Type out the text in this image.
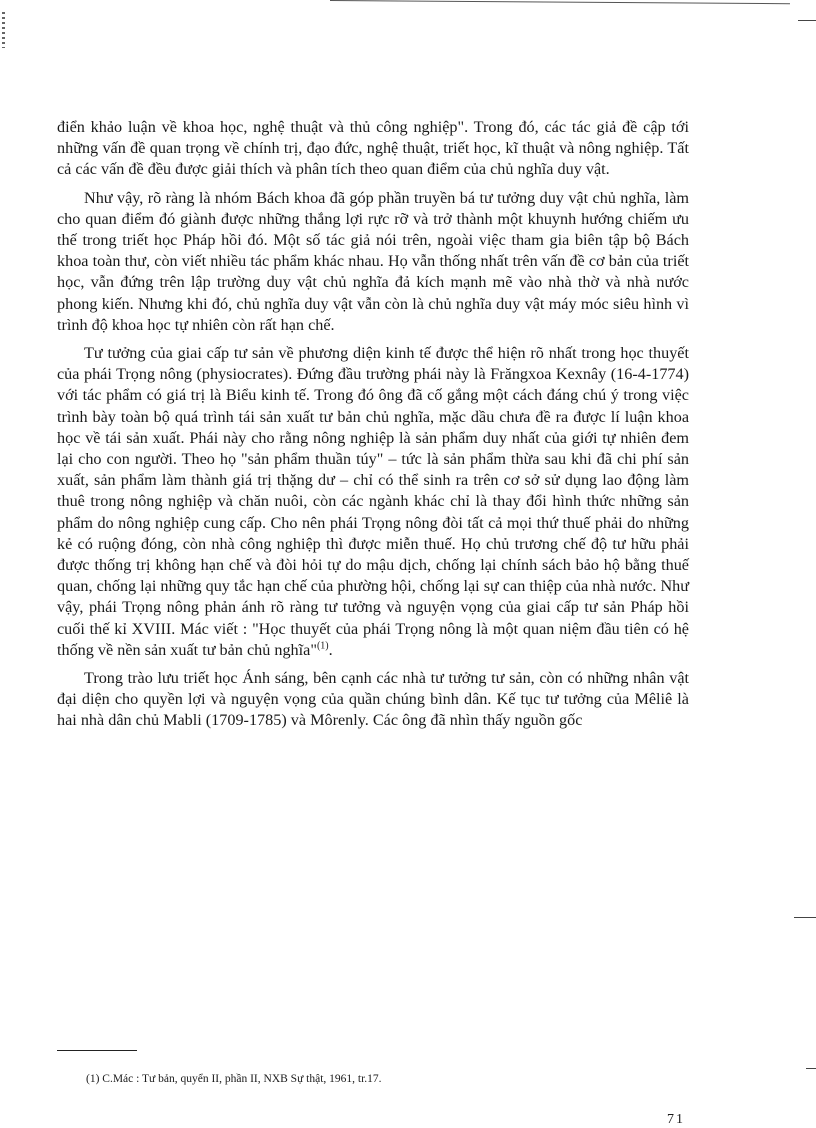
điển khảo luận về khoa học, nghệ thuật và thủ công nghiệp". Trong đó, các tác giả đề cập tới những vấn đề quan trọng về chính trị, đạo đức, nghệ thuật, triết học, kĩ thuật và nông nghiệp. Tất cả các vấn đề đều được giải thích và phân tích theo quan điểm của chủ nghĩa duy vật.

Như vậy, rõ ràng là nhóm Bách khoa đã góp phần truyền bá tư tưởng duy vật chủ nghĩa, làm cho quan điểm đó giành được những thắng lợi rực rỡ và trở thành một khuynh hướng chiếm ưu thế trong triết học Pháp hồi đó. Một số tác giả nói trên, ngoài việc tham gia biên tập bộ Bách khoa toàn thư, còn viết nhiều tác phẩm khác nhau. Họ vẫn thống nhất trên vấn đề cơ bản của triết học, vẫn đứng trên lập trường duy vật chủ nghĩa đả kích mạnh mẽ vào nhà thờ và nhà nước phong kiến. Nhưng khi đó, chủ nghĩa duy vật vẫn còn là chủ nghĩa duy vật máy móc siêu hình vì trình độ khoa học tự nhiên còn rất hạn chế.

Tư tưởng của giai cấp tư sản về phương diện kinh tế được thể hiện rõ nhất trong học thuyết của phái Trọng nông (physiocrates). Đứng đầu trường phái này là Frăngxoa Kexnây (16-4-1774) với tác phẩm có giá trị là Biểu kinh tế. Trong đó ông đã cố gắng một cách đáng chú ý trong việc trình bày toàn bộ quá trình tái sản xuất tư bản chủ nghĩa, mặc dầu chưa đề ra được lí luận khoa học về tái sản xuất. Phái này cho rằng nông nghiệp là sản phẩm duy nhất của giới tự nhiên đem lại cho con người. Theo họ "sản phẩm thuần túy" – tức là sản phẩm thừa sau khi đã chi phí sản xuất, sản phẩm làm thành giá trị thặng dư – chỉ có thể sinh ra trên cơ sở sử dụng lao động làm thuê trong nông nghiệp và chăn nuôi, còn các ngành khác chỉ là thay đổi hình thức những sản phẩm do nông nghiệp cung cấp. Cho nên phái Trọng nông đòi tất cả mọi thứ thuế phải do những kẻ có ruộng đóng, còn nhà công nghiệp thì được miễn thuế. Họ chủ trương chế độ tư hữu phải được thống trị không hạn chế và đòi hỏi tự do mậu dịch, chống lại chính sách bảo hộ bằng thuế quan, chống lại những quy tắc hạn chế của phường hội, chống lại sự can thiệp của nhà nước. Như vậy, phái Trọng nông phản ánh rõ ràng tư tưởng và nguyện vọng của giai cấp tư sản Pháp hồi cuối thế kỉ XVIII. Mác viết : "Học thuyết của phái Trọng nông là một quan niệm đầu tiên có hệ thống về nền sản xuất tư bản chủ nghĩa"$^{(1)}$.

Trong trào lưu triết học Ánh sáng, bên cạnh các nhà tư tưởng tư sản, còn có những nhân vật đại diện cho quyền lợi và nguyện vọng của quần chúng bình dân. Kế tục tư tưởng của Mêliê là hai nhà dân chủ Mabli (1709-1785) và Môrenly. Các ông đã nhìn thấy nguồn gốc

(1) C.Mác : Tư bản, quyển II, phần II, NXB Sự thật, 1961, tr.17.
71
